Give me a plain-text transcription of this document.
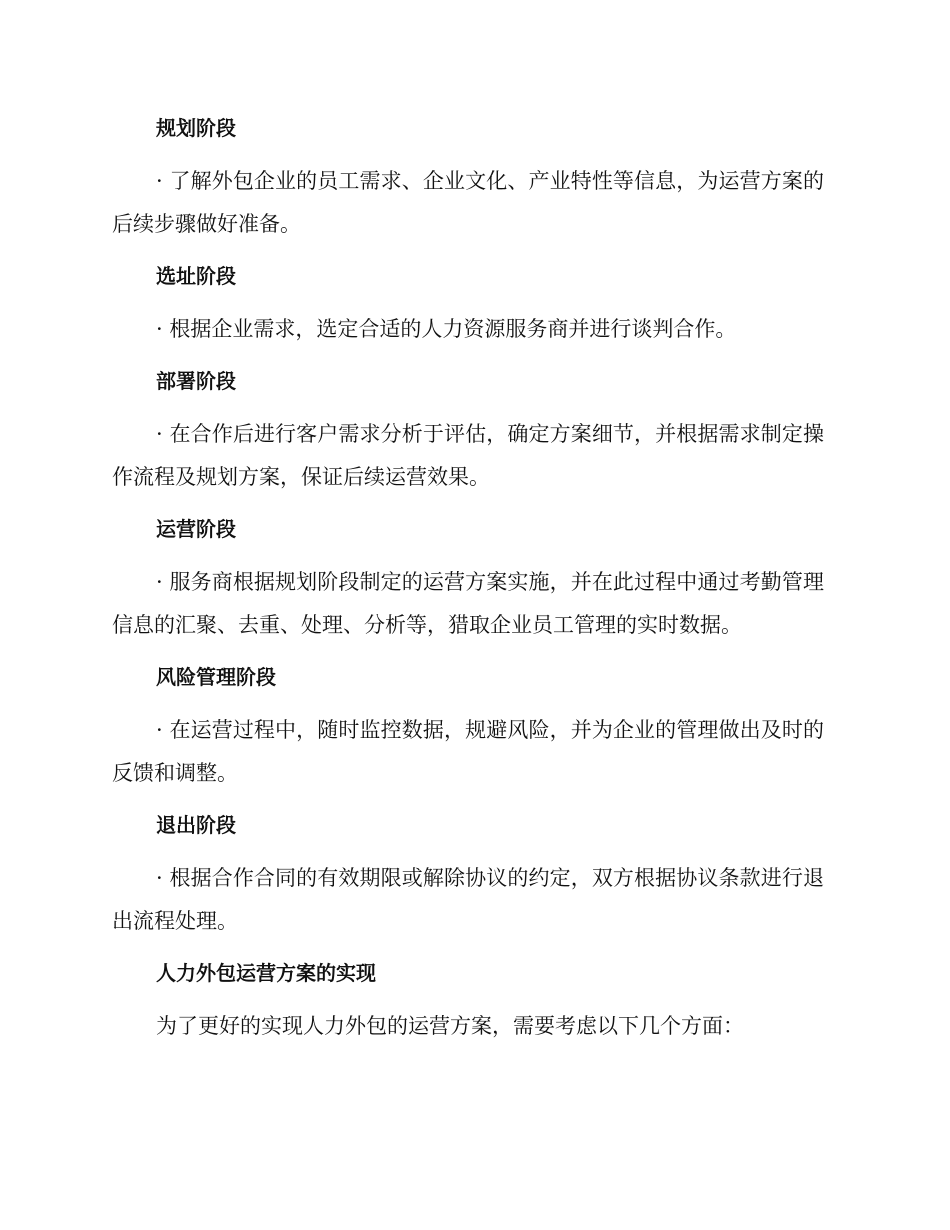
规划阶段

· 了解外包企业的员工需求、企业文化、产业特性等信息，为运营方案的后续步骤做好准备。

选址阶段

· 根据企业需求，选定合适的人力资源服务商并进行谈判合作。

部署阶段

· 在合作后进行客户需求分析于评估，确定方案细节，并根据需求制定操作流程及规划方案，保证后续运营效果。

运营阶段

· 服务商根据规划阶段制定的运营方案实施，并在此过程中通过考勤管理信息的汇聚、去重、处理、分析等，猎取企业员工管理的实时数据。

风险管理阶段

· 在运营过程中，随时监控数据，规避风险，并为企业的管理做出及时的反馈和调整。

退出阶段

· 根据合作合同的有效期限或解除协议的约定，双方根据协议条款进行退出流程处理。

人力外包运营方案的实现

为了更好的实现人力外包的运营方案，需要考虑以下几个方面：
